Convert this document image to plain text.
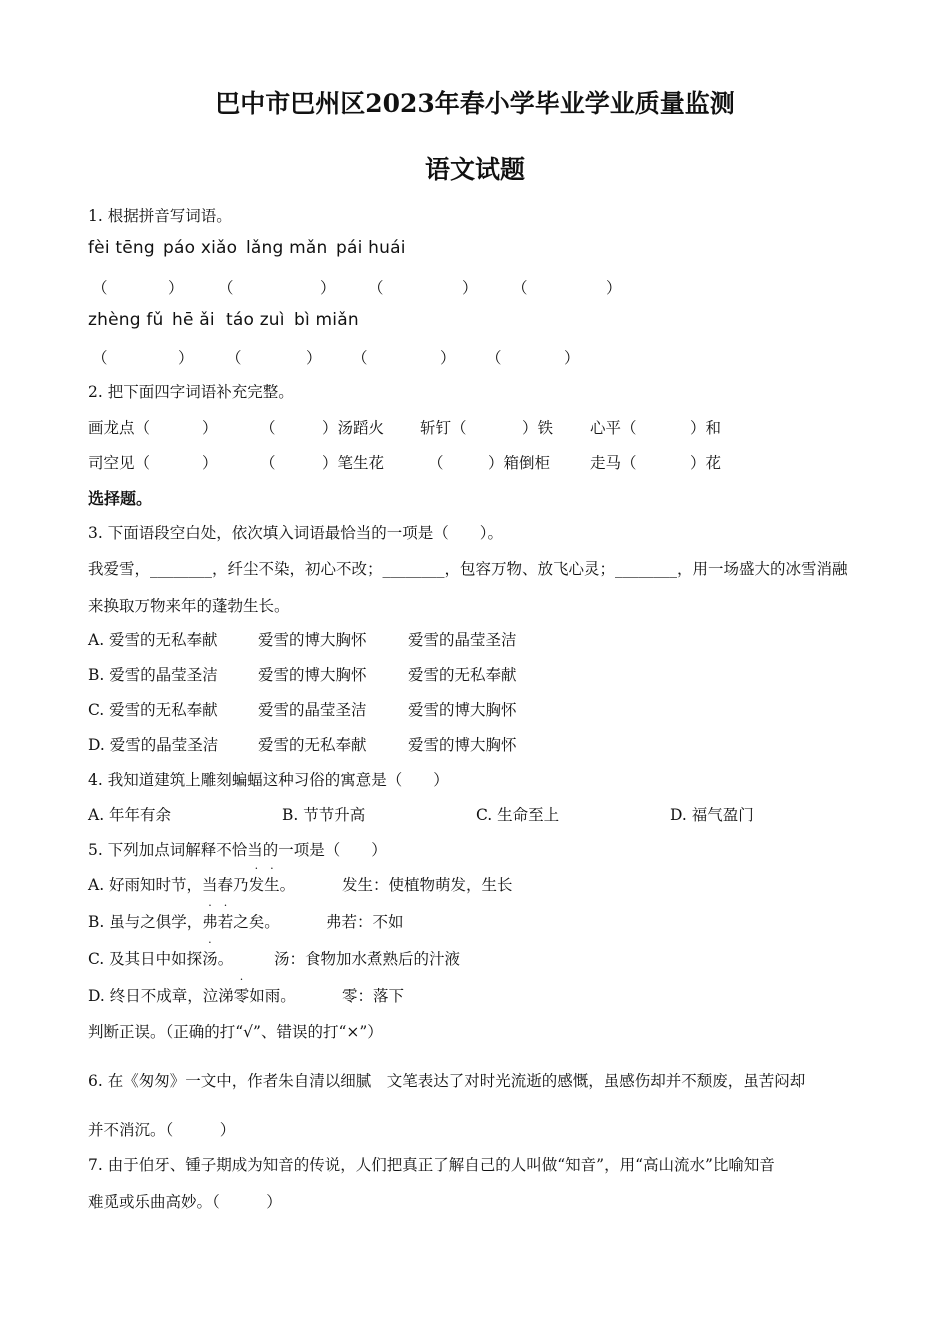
巴中市巴州区2023年春小学毕业学业质量监测
语文试题
1. 根据拼音写词语。
fèi tēng páo xiǎo lǎng mǎn pái huái
（	） （	） （	） （	）
zhèng fǔ hē ǎi táo zuì bì miǎn
（	） （	） （	） （	）
2. 把下面四字词语补充完整。
画龙点（	）	（	）汤蹈火 斩钉（	）铁 心平（	）和
司空见（	）	（	）笔生花	（	）箱倒柜	走马（	）花
选择题。
3. 下面语段空白处，依次填入词语最恰当的一项是（　　）。
我爱雪，________，纤尘不染，初心不改；________，包容万物、放飞心灵；________，用一场盛大的冰雪消融
来换取万物来年的蓬勃生长。
A. 爱雪的无私奉献	爱雪的博大胸怀	爱雪的晶莹圣洁
B. 爱雪的晶莹圣洁	爱雪的博大胸怀	爱雪的无私奉献
C. 爱雪的无私奉献	爱雪的晶莹圣洁	爱雪的博大胸怀
D. 爱雪的晶莹圣洁	爱雪的无私奉献	爱雪的博大胸怀
4. 我知道建筑上雕刻蝙蝠这种习俗的寓意是（　　）
A. 年年有余	B. 节节升高	C. 生命至上	D. 福气盈门
5. 下列加点词解释不恰当的一项是（　　）
A. 好雨知时节，当春乃
·
发
·
生。	发生：使植物萌发，生长
B. 虽与之俱学，
·
弗
·
若之矣。	弗若：不如
C. 及其日中如探
·
汤。	汤：食物加水煮熟后的汁液
D. 终日不成章，泣涕
·
零如雨。	零：落下
判断正误。（正确的打“√”、错误的打“×”）
6. 在《匆匆》一文中，作者朱自清以细腻　文笔表达了对时光流逝的感慨，虽感伤却并不颓废，虽苦闷却
并不消沉。（　　　）
7. 由于伯牙、锺子期成为知音的传说，人们把真正了解自己的人叫做“知音”，用“高山流水”比喻知音
难觅或乐曲高妙。（　　　）
